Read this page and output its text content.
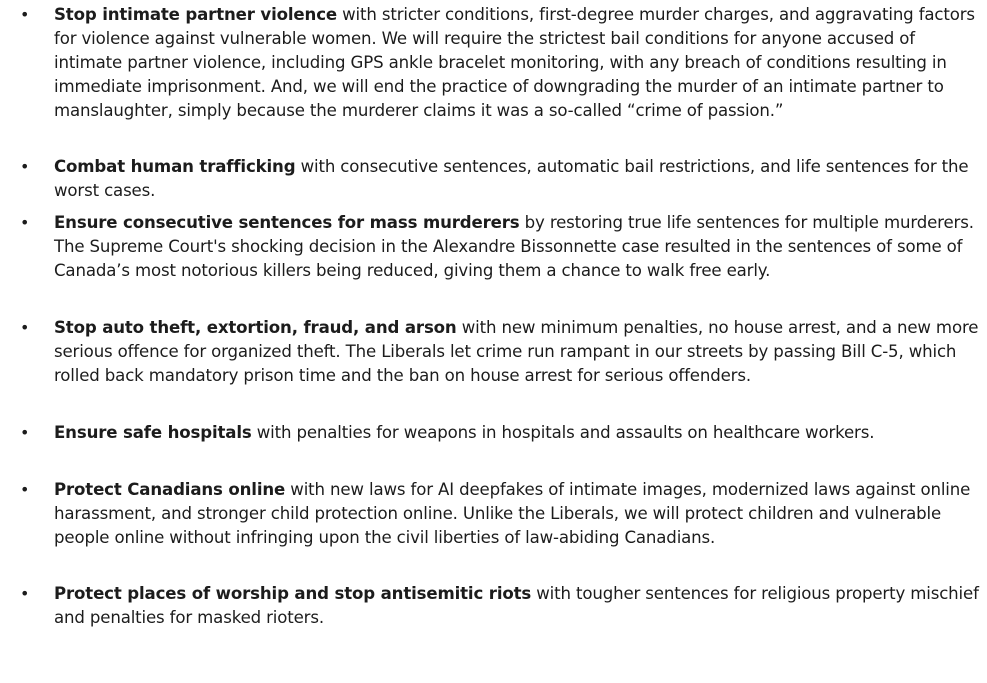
• Stop intimate partner violence with stricter conditions, first-degree murder charges, and aggravating factors for violence against vulnerable women. We will require the strictest bail conditions for anyone accused of intimate partner violence, including GPS ankle bracelet monitoring, with any breach of conditions resulting in immediate imprisonment. And, we will end the practice of downgrading the murder of an intimate partner to manslaughter, simply because the murderer claims it was a so-called “crime of passion.”
• Combat human trafficking with consecutive sentences, automatic bail restrictions, and life sentences for the worst cases.
• Ensure consecutive sentences for mass murderers by restoring true life sentences for multiple murderers. The Supreme Court's shocking decision in the Alexandre Bissonnette case resulted in the sentences of some of Canada’s most notorious killers being reduced, giving them a chance to walk free early.
• Stop auto theft, extortion, fraud, and arson with new minimum penalties, no house arrest, and a new more serious offence for organized theft. The Liberals let crime run rampant in our streets by passing Bill C-5, which rolled back mandatory prison time and the ban on house arrest for serious offenders.
• Ensure safe hospitals with penalties for weapons in hospitals and assaults on healthcare workers.
• Protect Canadians online with new laws for AI deepfakes of intimate images, modernized laws against online harassment, and stronger child protection online. Unlike the Liberals, we will protect children and vulnerable people online without infringing upon the civil liberties of law-abiding Canadians.
• Protect places of worship and stop antisemitic riots with tougher sentences for religious property mischief and penalties for masked rioters.
